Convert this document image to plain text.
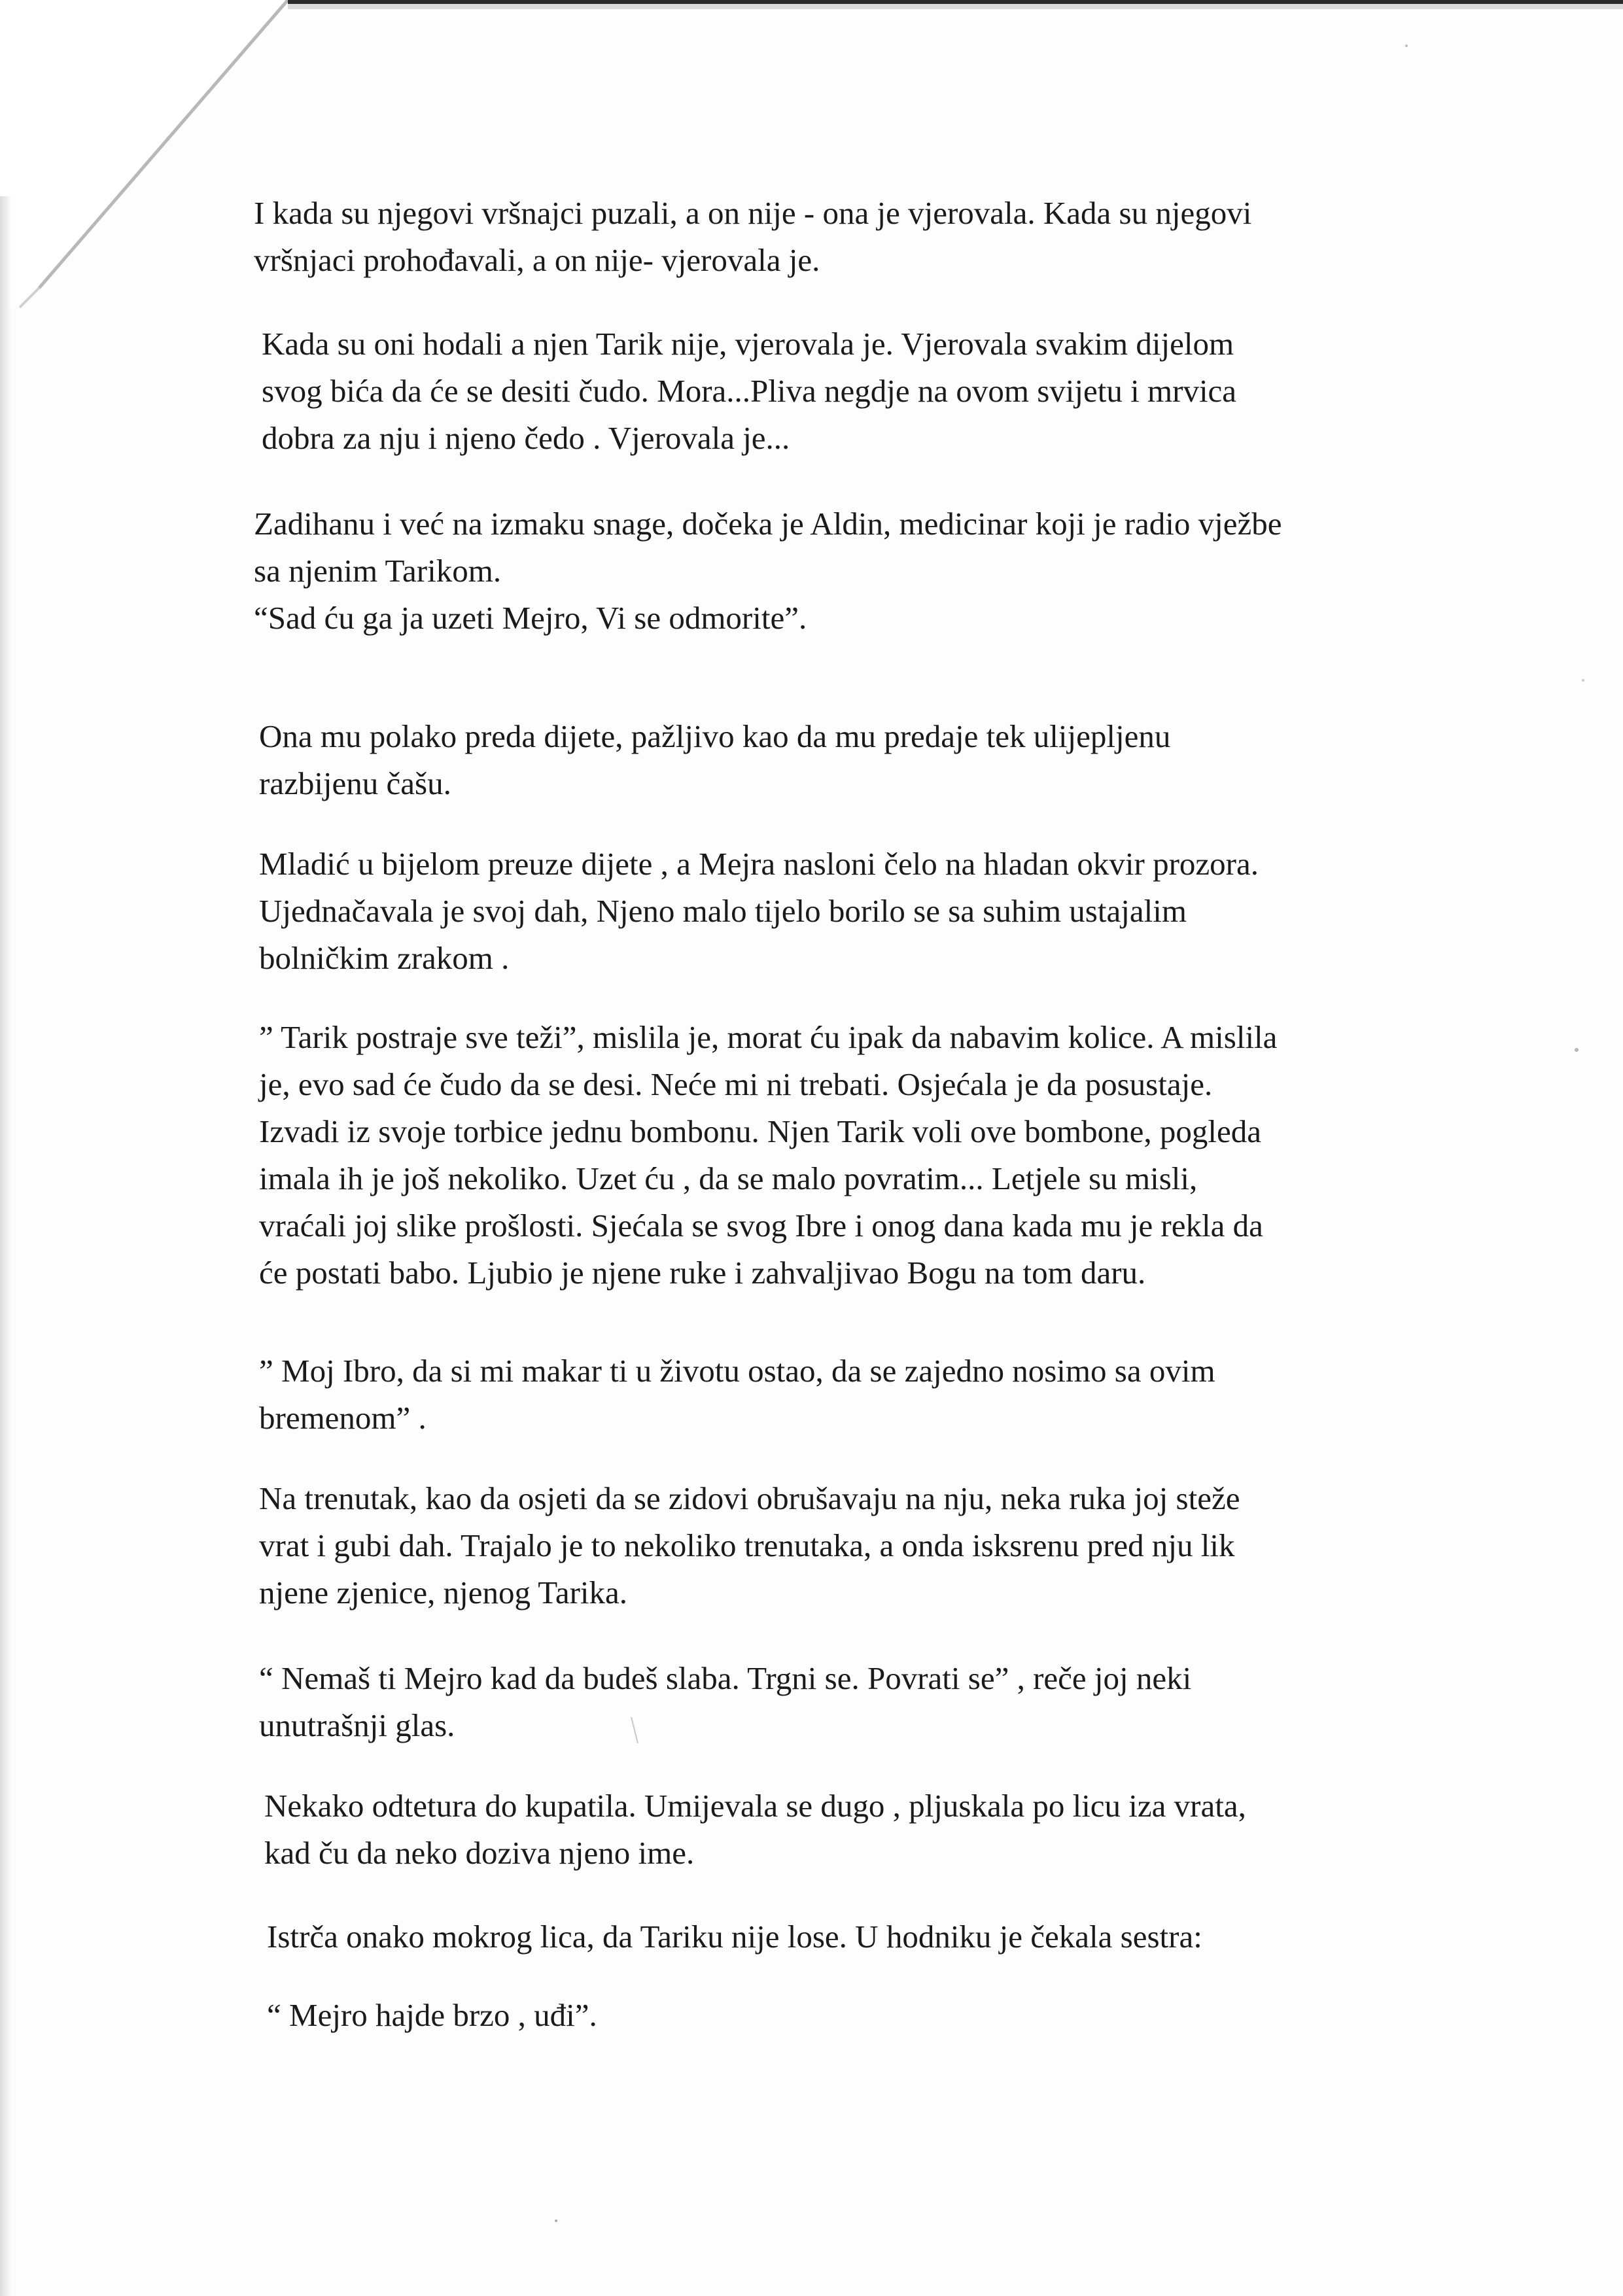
I kada su njegovi vršnajci puzali, a on nije - ona je vjerovala. Kada su njegovi

vršnjaci prohođavali, a on nije- vjerovala je.

Kada su oni hodali a njen Tarik nije, vjerovala je. Vjerovala svakim dijelom

svog bića da će se desiti čudo. Mora...Pliva negdje na ovom svijetu i mrvica

dobra za nju i njeno čedo . Vjerovala je...

Zadihanu i već na izmaku snage, dočeka je Aldin, medicinar koji je radio vježbe

sa njenim Tarikom.

“Sad ću ga ja uzeti Mejro, Vi se odmorite”.

Ona mu polako preda dijete, pažljivo kao da mu predaje tek ulijepljenu

razbijenu čašu.

Mladić u bijelom preuze dijete , a Mejra nasloni čelo na hladan okvir prozora.

Ujednačavala je svoj dah, Njeno malo tijelo borilo se sa suhim ustajalim

bolničkim zrakom .

” Tarik postraje sve teži”, mislila je, morat ću ipak da nabavim kolice. A mislila

je, evo sad će čudo da se desi. Neće mi ni trebati. Osjećala je da posustaje.

Izvadi iz svoje torbice jednu bombonu. Njen Tarik voli ove bombone, pogleda

imala ih je još nekoliko. Uzet ću , da se malo povratim... Letjele su misli,

vraćali joj slike prošlosti. Sjećala se svog Ibre i onog dana kada mu je rekla da

će postati babo. Ljubio je njene ruke i zahvaljivao Bogu na tom daru.

” Moj Ibro, da si mi makar ti u životu ostao, da se zajedno nosimo sa ovim

bremenom” .

Na trenutak, kao da osjeti da se zidovi obrušavaju na nju, neka ruka joj steže

vrat i gubi dah. Trajalo je to nekoliko trenutaka, a onda isksrenu pred nju lik

njene zjenice, njenog Tarika.

“ Nemaš ti Mejro kad da budeš slaba. Trgni se. Povrati se” , reče joj neki

unutrašnji glas.

Nekako odtetura do kupatila. Umijevala se dugo , pljuskala po licu iza vrata,

kad ču da neko doziva njeno ime.

Istrča onako mokrog lica, da Tariku nije lose. U hodniku je čekala sestra:

“ Mejro hajde brzo , uđi”.
